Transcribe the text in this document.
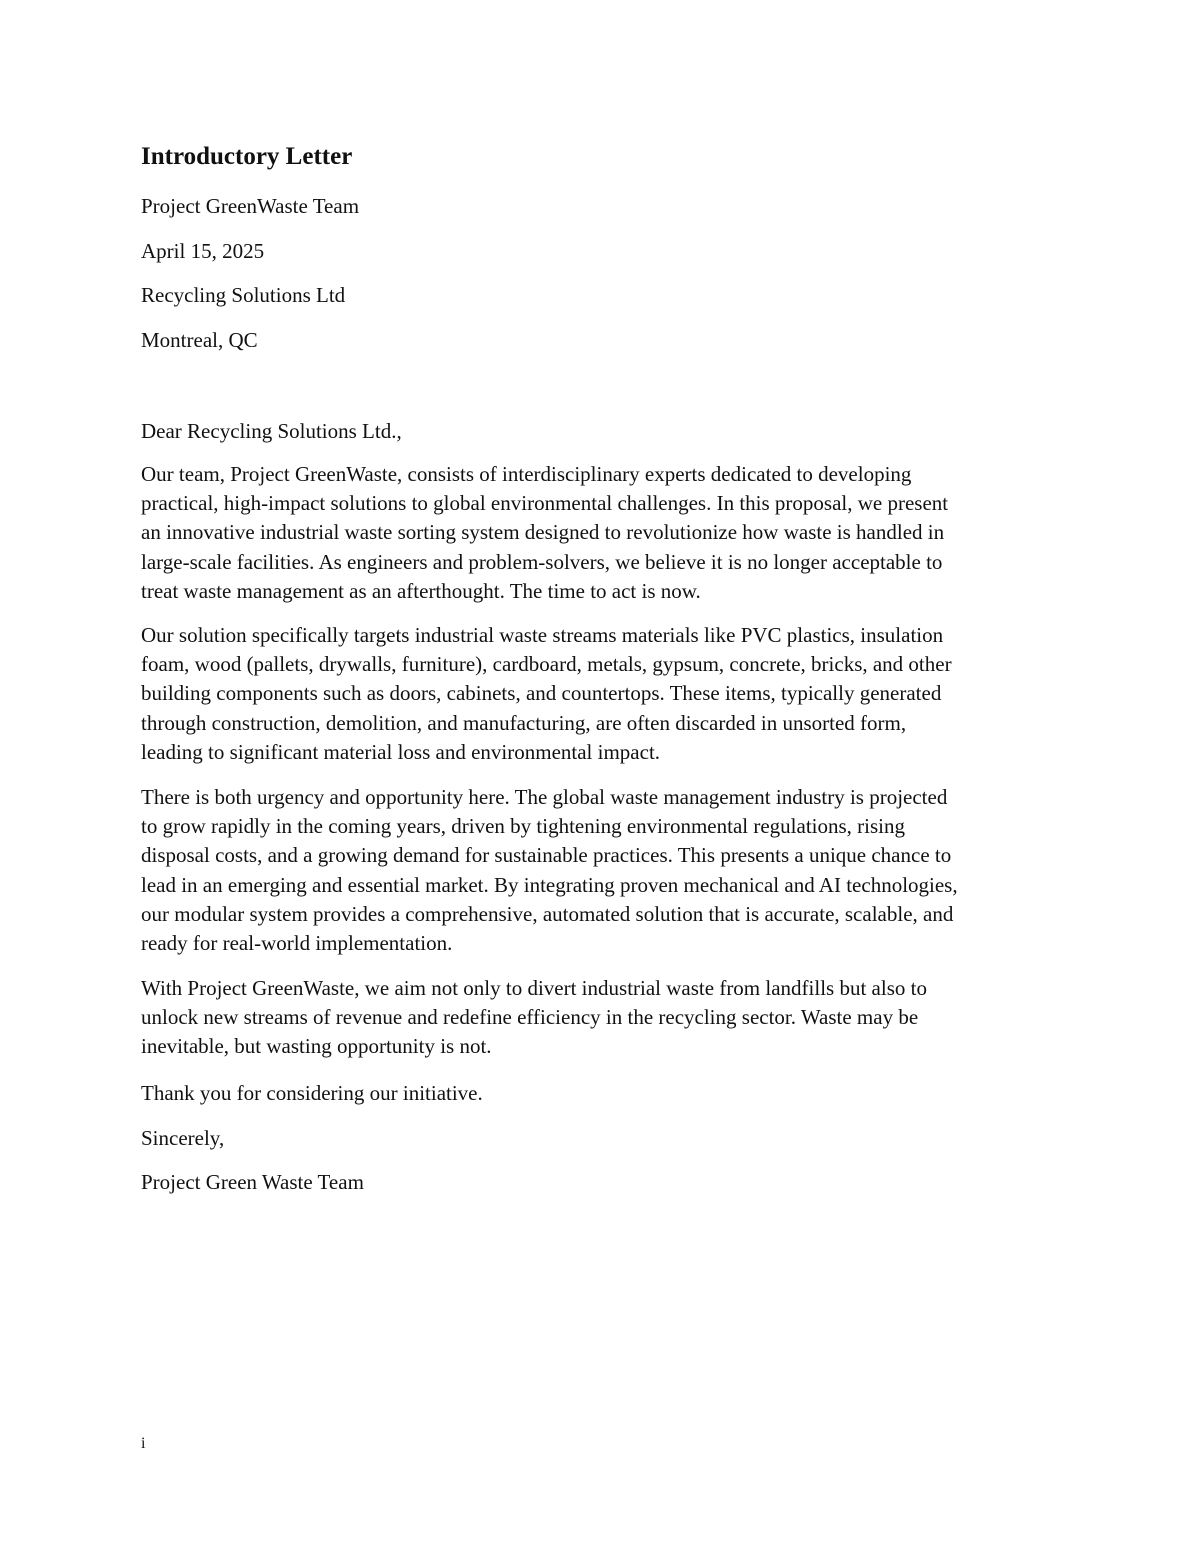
Introductory Letter

Project GreenWaste Team

April 15, 2025

Recycling Solutions Ltd

Montreal, QC

Dear Recycling Solutions Ltd.,

Our team, Project GreenWaste, consists of interdisciplinary experts dedicated to developing
practical, high-impact solutions to global environmental challenges. In this proposal, we present
an innovative industrial waste sorting system designed to revolutionize how waste is handled in
large-scale facilities. As engineers and problem-solvers, we believe it is no longer acceptable to
treat waste management as an afterthought. The time to act is now.
Our solution specifically targets industrial waste streams materials like PVC plastics, insulation
foam, wood (pallets, drywalls, furniture), cardboard, metals, gypsum, concrete, bricks, and other
building components such as doors, cabinets, and countertops. These items, typically generated
through construction, demolition, and manufacturing, are often discarded in unsorted form,
leading to significant material loss and environmental impact.
There is both urgency and opportunity here. The global waste management industry is projected
to grow rapidly in the coming years, driven by tightening environmental regulations, rising
disposal costs, and a growing demand for sustainable practices. This presents a unique chance to
lead in an emerging and essential market. By integrating proven mechanical and AI technologies,
our modular system provides a comprehensive, automated solution that is accurate, scalable, and
ready for real-world implementation.
With Project GreenWaste, we aim not only to divert industrial waste from landfills but also to
unlock new streams of revenue and redefine efficiency in the recycling sector. Waste may be
inevitable, but wasting opportunity is not.

Thank you for considering our initiative.

Sincerely,

Project Green Waste Team

i
